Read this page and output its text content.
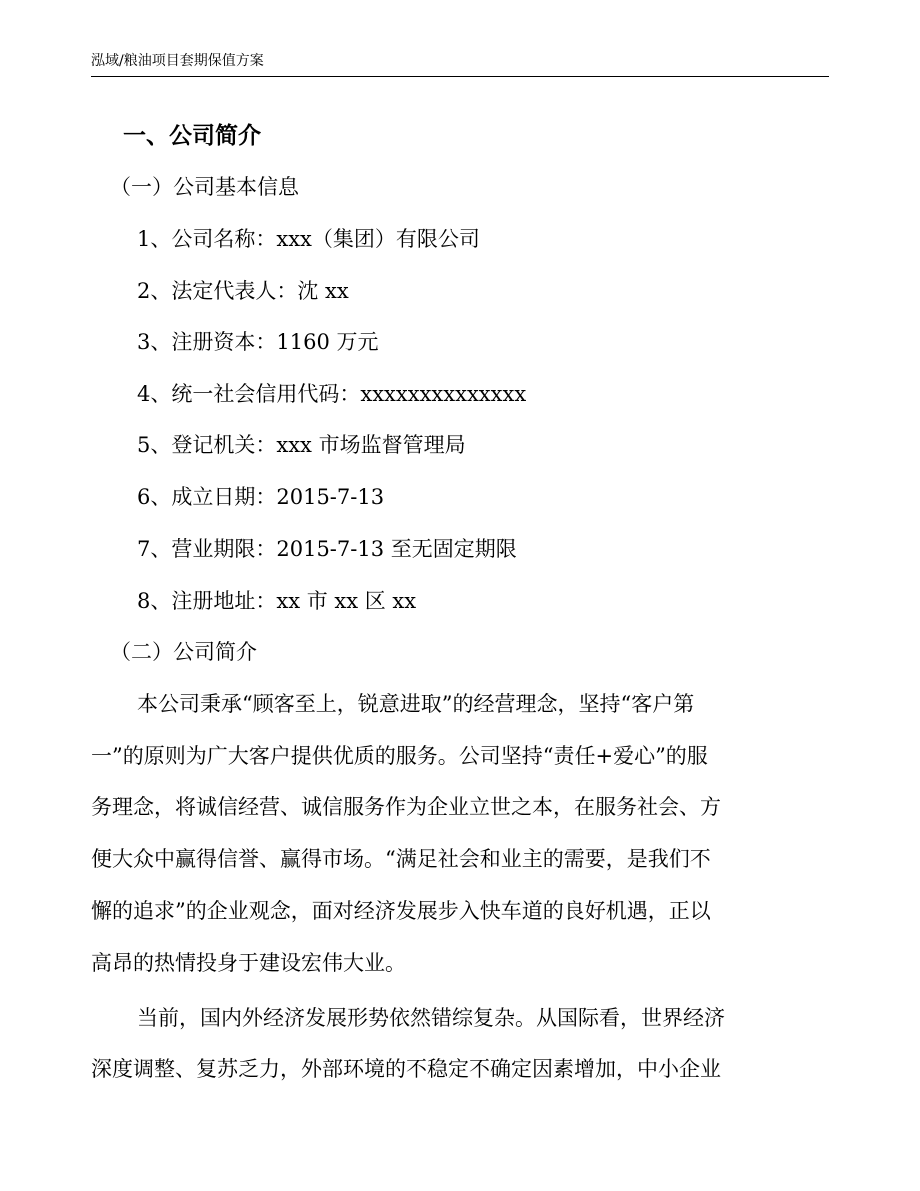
泓域/粮油项目套期保值方案
一、公司简介
（一）公司基本信息
1、公司名称：xxx（集团）有限公司
2、法定代表人：沈 xx
3、注册资本：1160 万元
4、统一社会信用代码：xxxxxxxxxxxxxx
5、登记机关：xxx 市场监督管理局
6、成立日期：2015-7-13
7、营业期限：2015-7-13 至无固定期限
8、注册地址：xx 市 xx 区 xx
（二）公司简介
本公司秉承“顾客至上，锐意进取”的经营理念，坚持“客户第
一”的原则为广大客户提供优质的服务。公司坚持“责任+爱心”的服
务理念，将诚信经营、诚信服务作为企业立世之本，在服务社会、方
便大众中赢得信誉、赢得市场。“满足社会和业主的需要，是我们不
懈的追求”的企业观念，面对经济发展步入快车道的良好机遇，正以
高昂的热情投身于建设宏伟大业。
当前，国内外经济发展形势依然错综复杂。从国际看，世界经济
深度调整、复苏乏力，外部环境的不稳定不确定因素增加，中小企业
